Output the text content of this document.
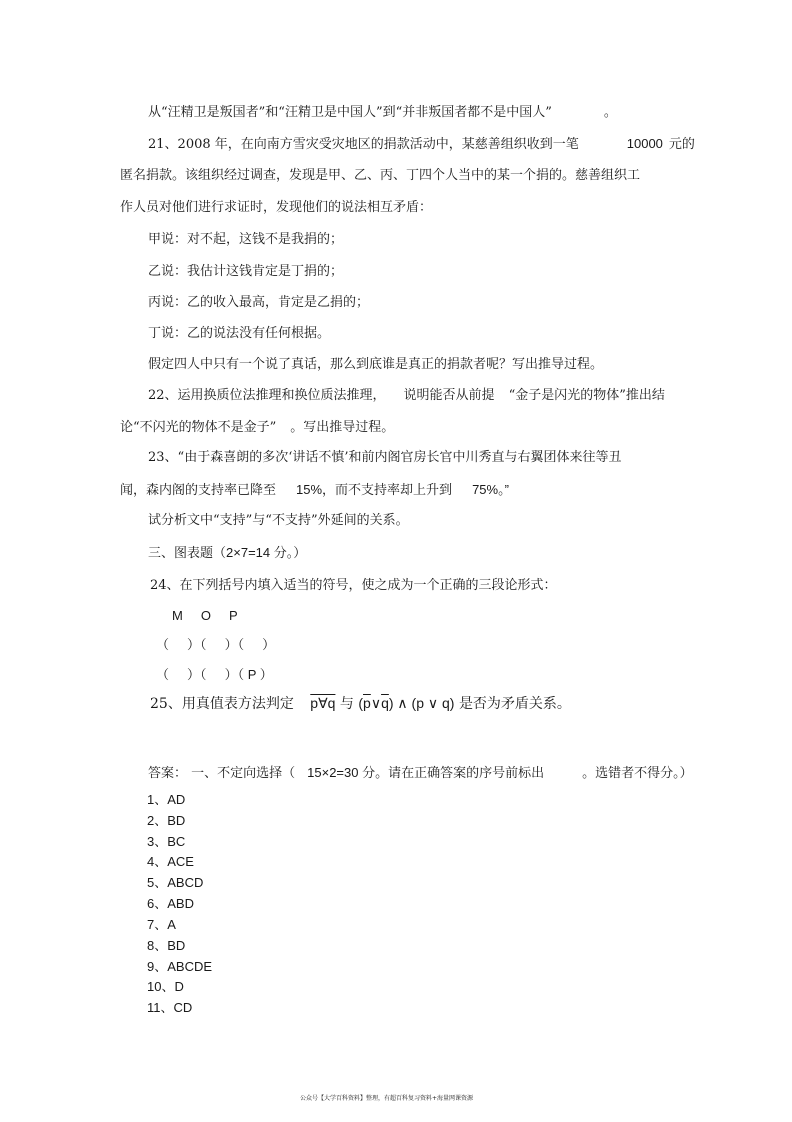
从“汪精卫是叛国者”和“汪精卫是中国人”到“并非叛国者都不是中国人”	。
21、2008 年，在向南方雪灾受灾地区的捐款活动中，某慈善组织收到一笔	10000 元的
匿名捐款。该组织经过调查，发现是甲、乙、丙、丁四个人当中的某一个捐的。慈善组织工
作人员对他们进行求证时，发现他们的说法相互矛盾：
甲说：对不起，这钱不是我捐的；
乙说：我估计这钱肯定是丁捐的；
丙说：乙的收入最高，肯定是乙捐的；
丁说：乙的说法没有任何根据。
假定四人中只有一个说了真话，那么到底谁是真正的捐款者呢？写出推导过程。
22、运用换质位法推理和换位质法推理， 说明能否从前提 “金子是闪光的物体”推出结
论“不闪光的物体不是金子” 。写出推导过程。
23、“由于森喜朗的多次‘讲话不慎’和前内阁官房长官中川秀直与右翼团体来往等丑
闻，森内阁的支持率已降至 15%，而不支持率却上升到 75%。”
试分析文中“支持”与“不支持”外延间的关系。
三、图表题（2×7=14 分。）
24、在下列括号内填入适当的符号，使之成为一个正确的三段论形式：
M     O     P
（     ）（     ）（     ）
（     ）（     ）（ P ）
25、用真值表方法判定 p∀q 与 $(\overline{p}\vee\overline{q})$ ∧ (p ∨ q) 是否为矛盾关系。
答案： 一、不定向选择（ 15×2=30 分。请在正确答案的序号前标出	。选错者不得分。）
1、AD
2、BD
3、BC
4、ACE
5、ABCD
6、ABD
7、A
8、BD
9、ABCDE
10、D
11、CD
公众号【大学百科资料】整理，有超百科复习资料+海量网课资源
